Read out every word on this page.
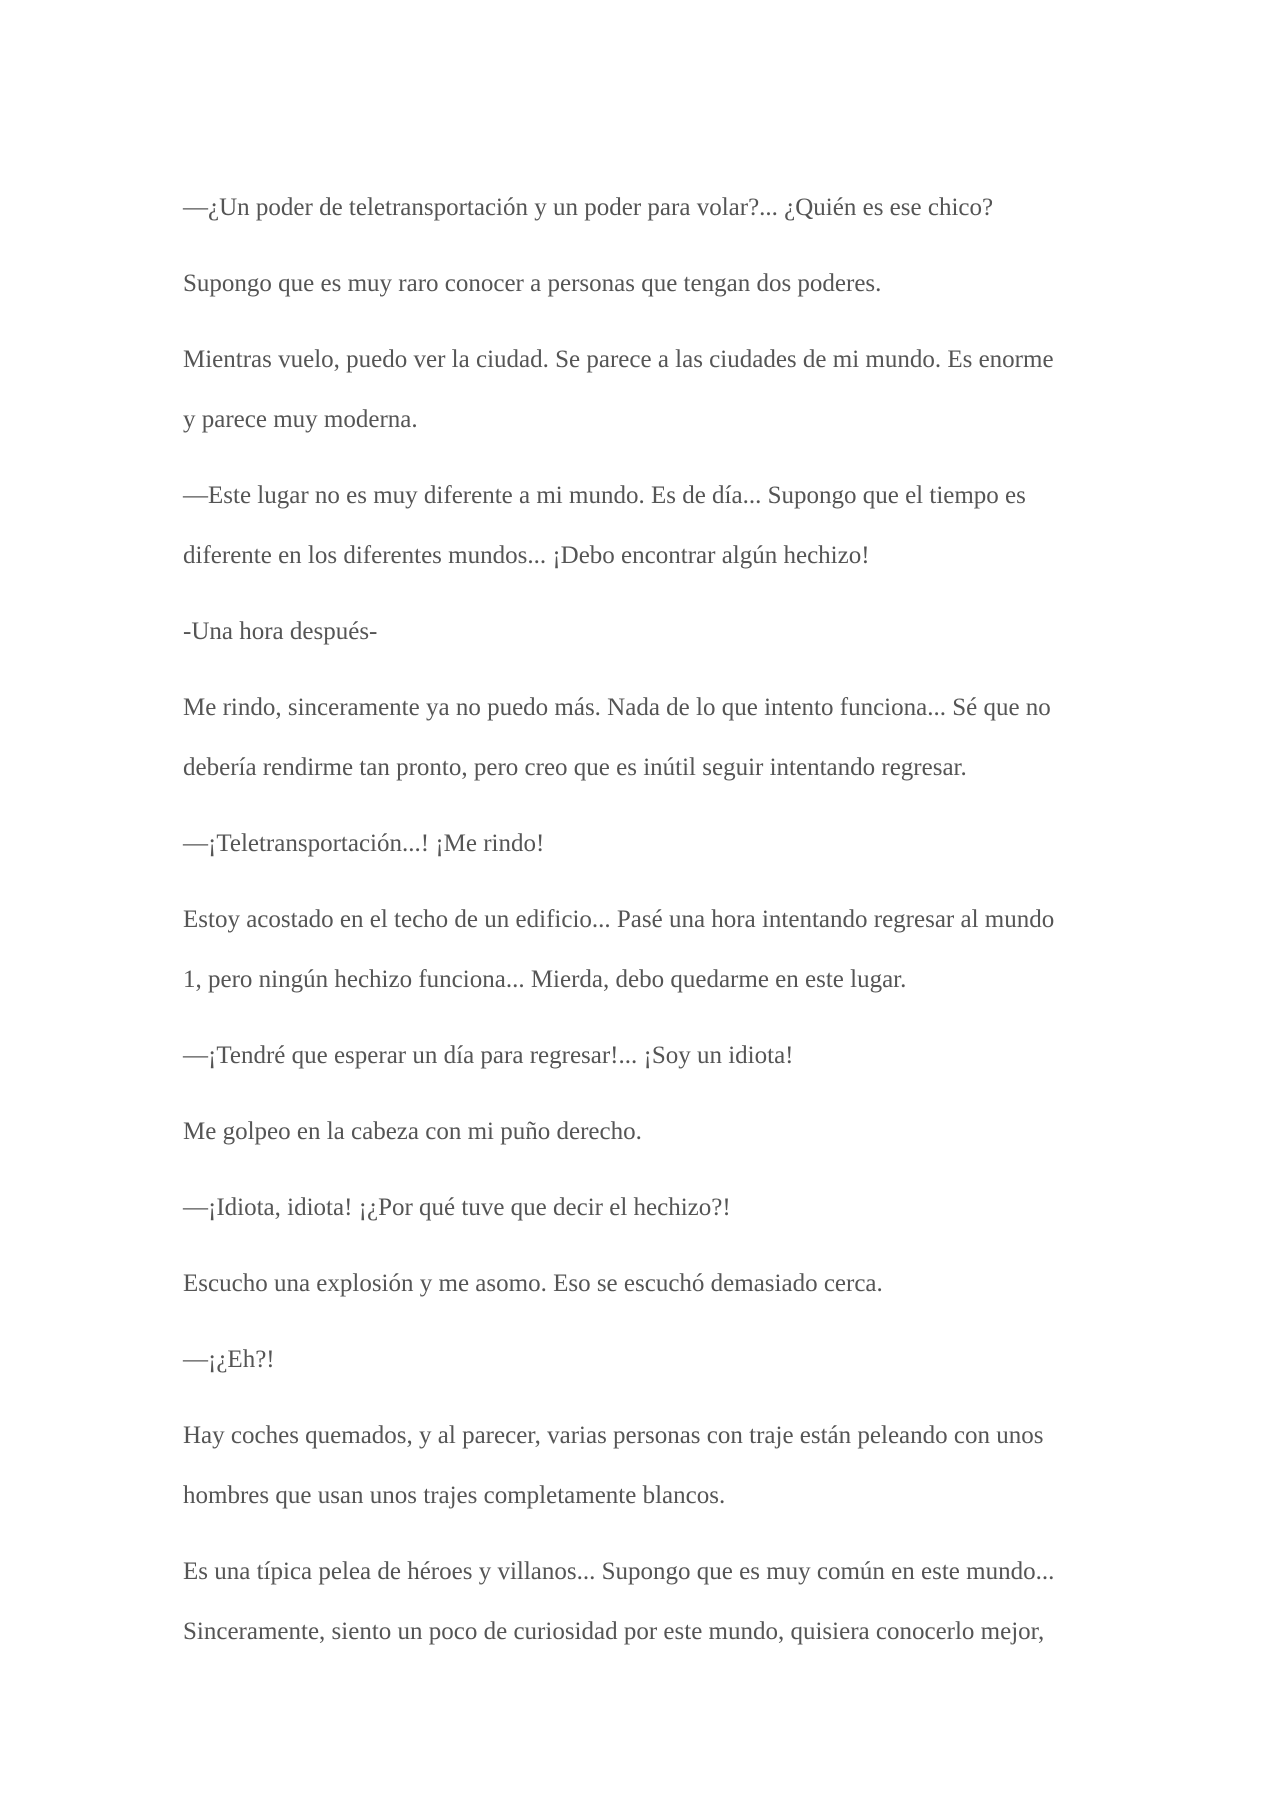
—¿Un poder de teletransportación y un poder para volar?... ¿Quién es ese chico?

Supongo que es muy raro conocer a personas que tengan dos poderes.

Mientras vuelo, puedo ver la ciudad. Se parece a las ciudades de mi mundo. Es enorme
y parece muy moderna.

—Este lugar no es muy diferente a mi mundo. Es de día... Supongo que el tiempo es
diferente en los diferentes mundos... ¡Debo encontrar algún hechizo!

-Una hora después-

Me rindo, sinceramente ya no puedo más. Nada de lo que intento funciona... Sé que no
debería rendirme tan pronto, pero creo que es inútil seguir intentando regresar.

—¡Teletransportación...! ¡Me rindo!

Estoy acostado en el techo de un edificio... Pasé una hora intentando regresar al mundo
1, pero ningún hechizo funciona... Mierda, debo quedarme en este lugar.

—¡Tendré que esperar un día para regresar!... ¡Soy un idiota!

Me golpeo en la cabeza con mi puño derecho.

—¡Idiota, idiota! ¡¿Por qué tuve que decir el hechizo?!

Escucho una explosión y me asomo. Eso se escuchó demasiado cerca.

—¡¿Eh?!

Hay coches quemados, y al parecer, varias personas con traje están peleando con unos
hombres que usan unos trajes completamente blancos.

Es una típica pelea de héroes y villanos... Supongo que es muy común en este mundo...
Sinceramente, siento un poco de curiosidad por este mundo, quisiera conocerlo mejor,
